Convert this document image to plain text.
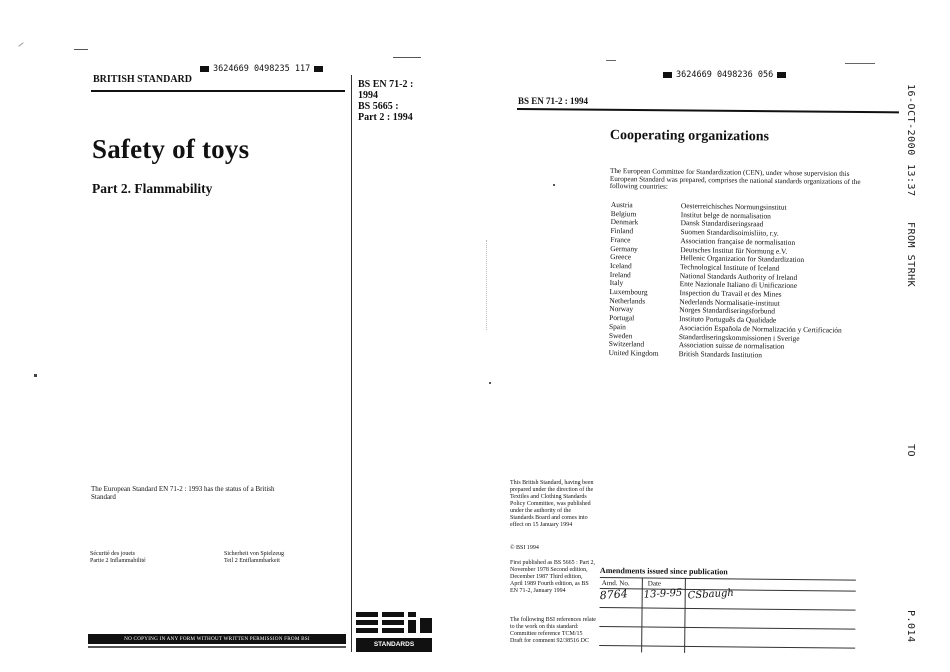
3624669 0498235 117
BRITISH STANDARD	BS EN 71-2 :
1994
BS 5665 :
Part 2 : 1994
Safety of toys
Part 2. Flammability
The European Standard EN 71-2 : 1993 has the status of a British Standard
Sécurité des jouets
Partie 2 Inflammabilité
Sicherheit von Spielzeug
Teil 2 Entflammbarkeit
NO COPYING IN ANY FORM WITHOUT WRITTEN PERMISSION FROM BSI
STANDARDS
3624669 0498236 056
BS EN 71-2 : 1994
Cooperating organizations
The European Committee for Standardization (CEN), under whose supervision this European Standard was prepared, comprises the national standards organizations of the following countries:
Austria	Oesterreichisches Normungsinstitut
Belgium	Institut belge de normalisation
Denmark	Dansk Standardiseringsraad
Finland	Suomen Standardisoimisliito, r.y.
France	Association française de normalisation
Germany	Deutsches Institut für Normung e.V.
Greece	Hellenic Organization for Standardization
Iceland	Technological Institute of Iceland
Ireland	National Standards Authority of Ireland
Italy	Ente Nazionale Italiano di Unificazione
Luxembourg	Inspection du Travail et des Mines
Netherlands	Nederlands Normalisatie-instituut
Norway	Norges Standardiseringsforbund
Portugal	Instituto Português da Qualidade
Spain	Asociación Española de Normalización y Certificación
Sweden	Standardiseringskommissionen i Sverige
Switzerland	Association suisse de normalisation
United Kingdom	British Standards Institution
This British Standard, having been prepared under the direction of the Textiles and Clothing Standards Policy Committee, was published under the authority of the Standards Board and comes into effect on 15 January 1994
© BSI 1994
First published as BS 5665 : Part 2, November 1978 Second edition, December 1987 Third edition, April 1989 Fourth edition, as BS EN 71-2, January 1994
The following BSI references relate to the work on this standard: Committee reference TCM/15 Draft for comment 92/38516 DC
Amendments issued since publication
Amd. No.	Date
8764 13-9-95 CSbaugh
16-OCT-2000
13:37
FROM STRHK
TO
P.014
